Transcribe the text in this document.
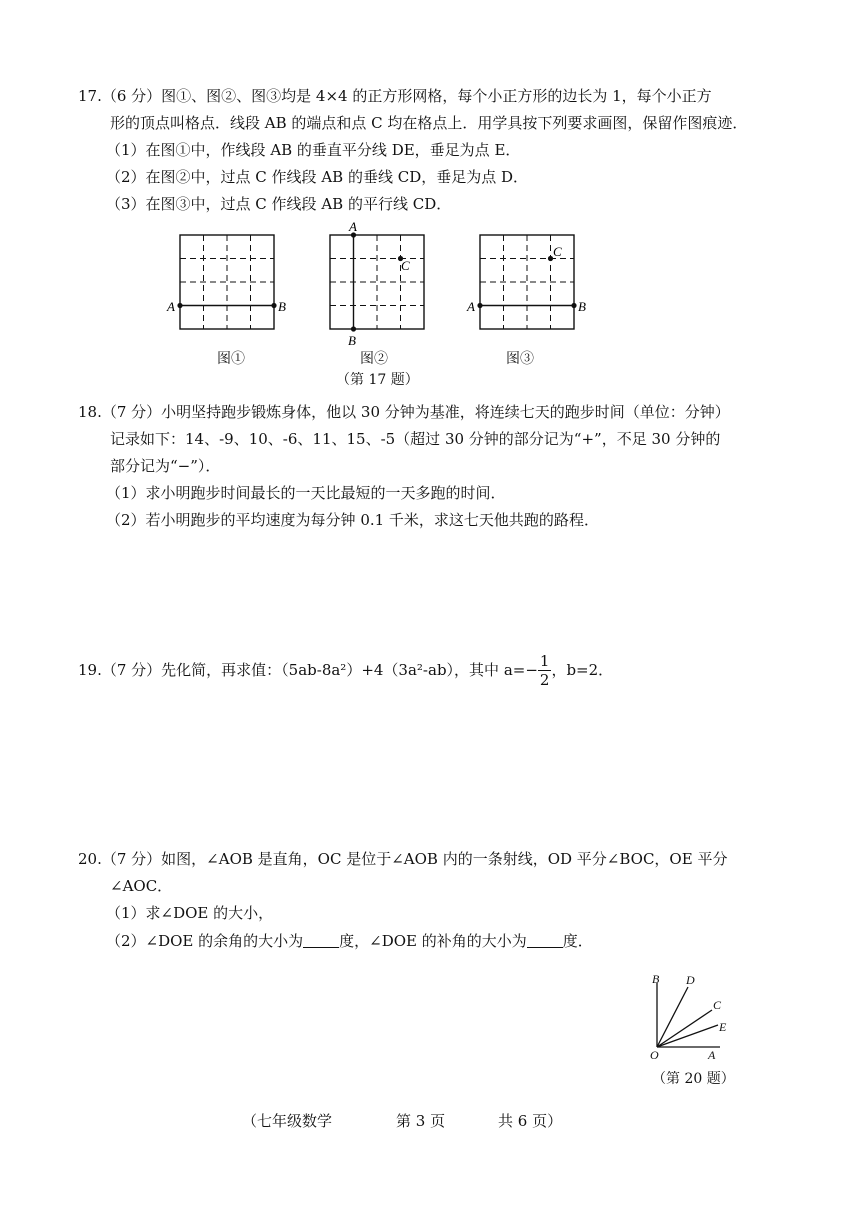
17.（6 分）图①、图②、图③均是 4×4 的正方形网格，每个小正方形的边长为 1，每个小正方
形的顶点叫格点．线段 AB 的端点和点 C 均在格点上．用学具按下列要求画图，保留作图痕迹．
（1）在图①中，作线段 AB 的垂直平分线 DE，垂足为点 E．
（2）在图②中，过点 C 作线段 AB 的垂线 CD，垂足为点 D．
（3）在图③中，过点 C 作线段 AB 的平行线 CD．
A	B
图①
A
B
C
图②
A	B
C
图③
（第 17 题）
18.（7 分）小明坚持跑步锻炼身体，他以 30 分钟为基准，将连续七天的跑步时间（单位：分钟）
记录如下：14、-9、10、-6、11、15、-5（超过 30 分钟的部分记为“+”，不足 30 分钟的
部分记为“−”）．
（1）求小明跑步时间最长的一天比最短的一天多跑的时间．
（2）若小明跑步的平均速度为每分钟 0.1 千米，求这七天他共跑的路程．
19.（7 分）先化简，再求值：（5ab-8a²）+4（3a²-ab），其中 $a=- \frac{1}{2}$ ，b=2．
20.（7 分）如图，∠AOB 是直角，OC 是位于∠AOB 内的一条射线，OD 平分∠BOC，OE 平分
∠AOC．
（1）求∠DOE 的大小，
（2）∠DOE 的余角的大小为 度，∠DOE 的补角的大小为 度．
B D
C
E
O	A
（第 20 题）
（七年级数学	第 3 页	共 6 页）
